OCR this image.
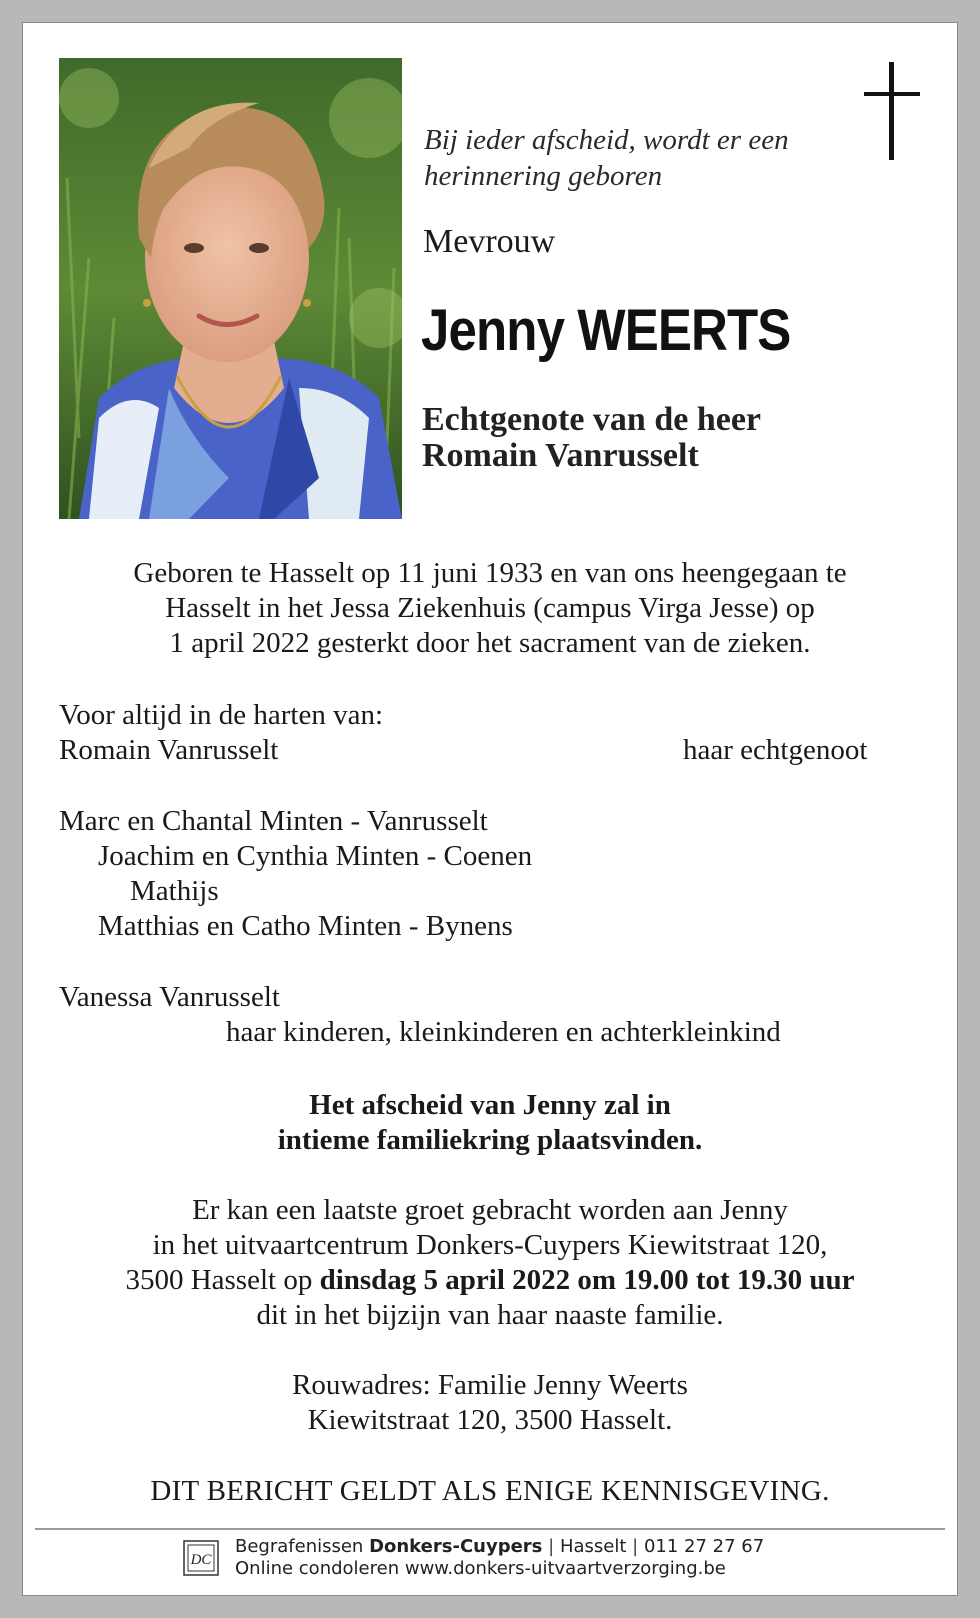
Bij ieder afscheid, wordt er een
herinnering geboren

Mevrouw

Jenny WEERTS

Echtgenote van de heer
Romain Vanrusselt

Geboren te Hasselt op 11 juni 1933 en van ons heengegaan te
Hasselt in het Jessa Ziekenhuis (campus Virga Jesse) op
1 april 2022 gesterkt door het sacrament van de zieken.

Voor altijd in de harten van:

Romain Vanrusselt	haar echtgenoot

Marc en Chantal Minten - Vanrusselt

Joachim en Cynthia Minten - Coenen

Mathijs

Matthias en Catho Minten - Bynens

Vanessa Vanrusselt

haar kinderen, kleinkinderen en achterkleinkind

Het afscheid van Jenny zal in
intieme familiekring plaatsvinden.

Er kan een laatste groet gebracht worden aan Jenny
in het uitvaartcentrum Donkers-Cuypers Kiewitstraat 120,
3500 Hasselt op dinsdag 5 april 2022 om 19.00 tot 19.30 uur
dit in het bijzijn van haar naaste familie.

Rouwadres: Familie Jenny Weerts
Kiewitstraat 120, 3500 Hasselt.

DIT BERICHT GELDT ALS ENIGE KENNISGEVING.

DC
Begrafenissen Donkers-Cuypers | Hasselt | 011 27 27 67
Online condoleren www.donkers-uitvaartverzorging.be
